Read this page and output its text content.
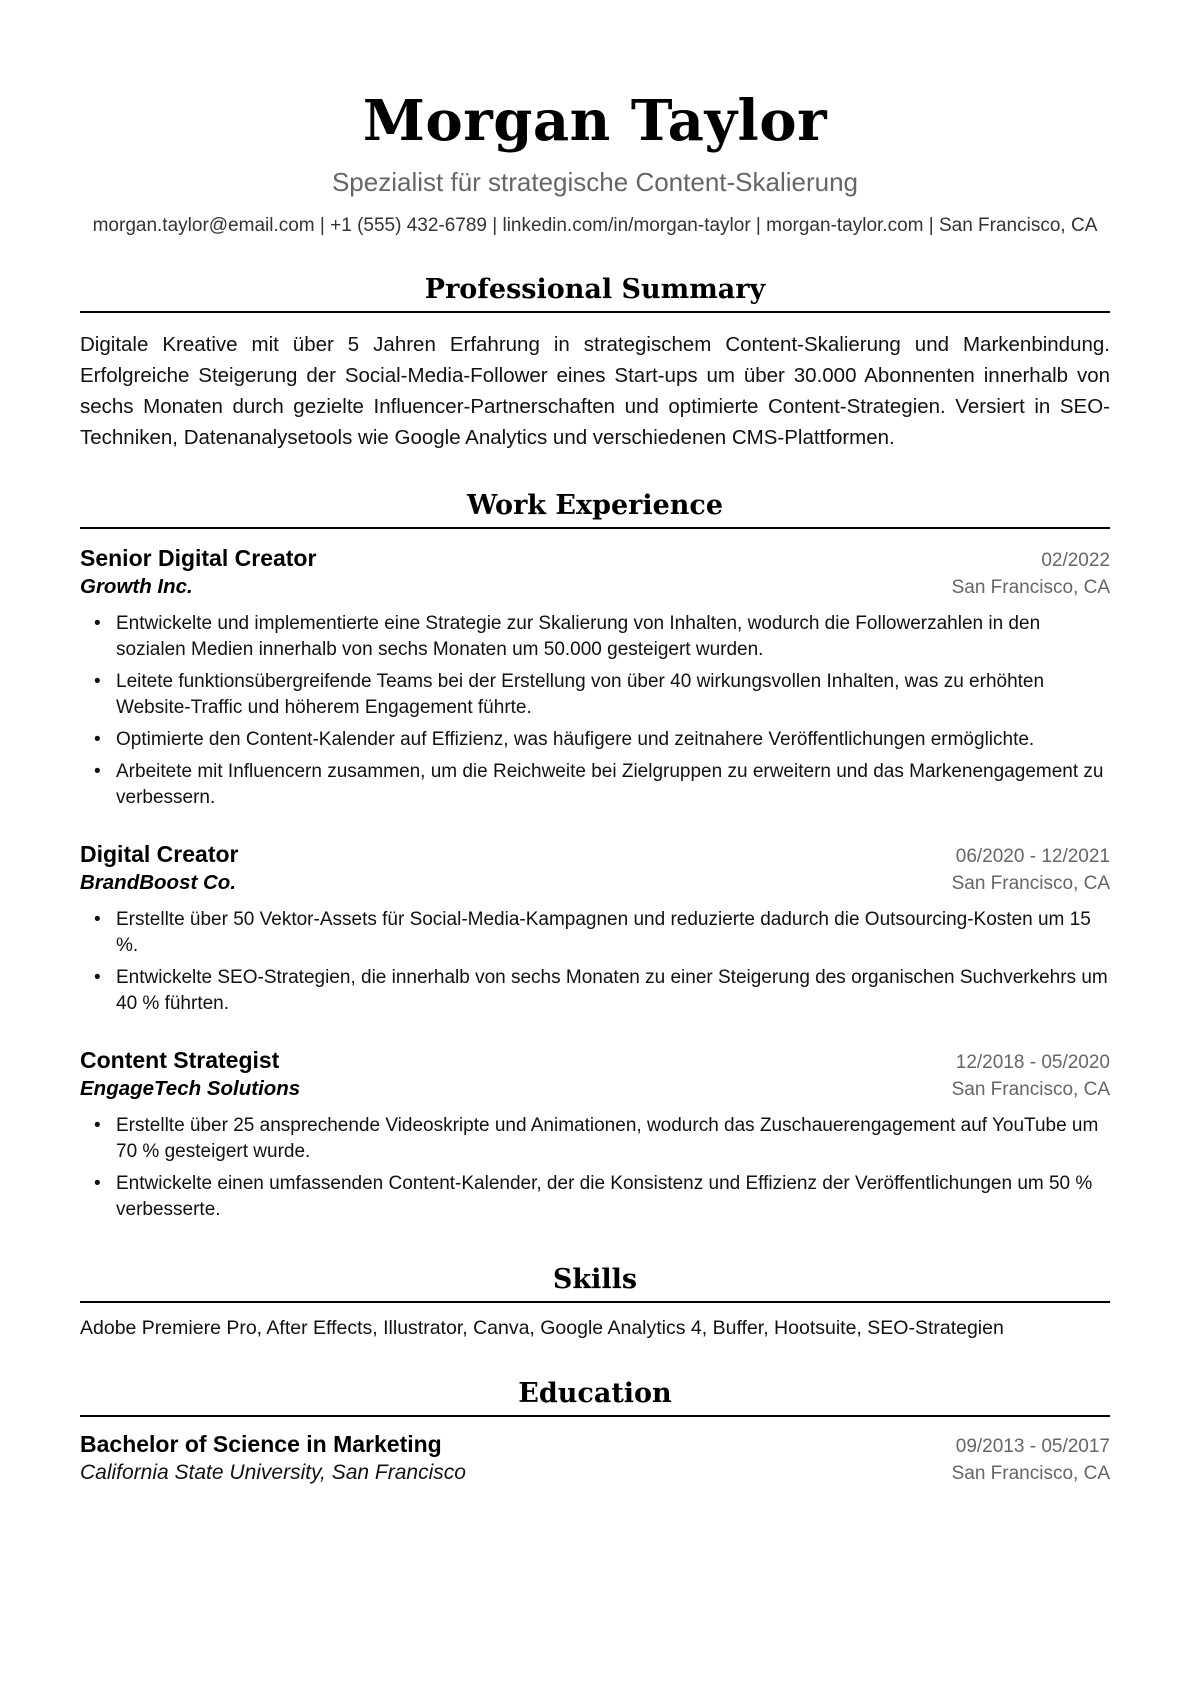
Morgan Taylor
Spezialist für strategische Content-Skalierung
morgan.taylor@email.com | +1 (555) 432-6789 | linkedin.com/in/morgan-taylor | morgan-taylor.com | San Francisco, CA
Professional Summary

Digitale Kreative mit über 5 Jahren Erfahrung in strategischem Content-Skalierung und Markenbindung. Erfolgreiche Steigerung der Social-Media-Follower eines Start-ups um über 30.000 Abonnenten innerhalb von sechs Monaten durch gezielte Influencer-Partnerschaften und optimierte Content-Strategien. Versiert in SEO-Techniken, Datenanalysetools wie Google Analytics und verschiedenen CMS-Plattformen.

Work Experience
Senior Digital Creator	02/2022
Growth Inc.	San Francisco, CA
• Entwickelte und implementierte eine Strategie zur Skalierung von Inhalten, wodurch die Followerzahlen in den sozialen Medien innerhalb von sechs Monaten um 50.000 gesteigert wurden.
• Leitete funktionsübergreifende Teams bei der Erstellung von über 40 wirkungsvollen Inhalten, was zu erhöhten Website-Traffic und höherem Engagement führte.
• Optimierte den Content-Kalender auf Effizienz, was häufigere und zeitnahere Veröffentlichungen ermöglichte.
• Arbeitete mit Influencern zusammen, um die Reichweite bei Zielgruppen zu erweitern und das Markenengagement zu verbessern.
Digital Creator	06/2020 - 12/2021
BrandBoost Co.	San Francisco, CA
• Erstellte über 50 Vektor-Assets für Social-Media-Kampagnen und reduzierte dadurch die Outsourcing-Kosten um 15 %.
• Entwickelte SEO-Strategien, die innerhalb von sechs Monaten zu einer Steigerung des organischen Suchverkehrs um 40 % führten.
Content Strategist	12/2018 - 05/2020
EngageTech Solutions	San Francisco, CA
• Erstellte über 25 ansprechende Videoskripte und Animationen, wodurch das Zuschauerengagement auf YouTube um 70 % gesteigert wurde.
• Entwickelte einen umfassenden Content-Kalender, der die Konsistenz und Effizienz der Veröffentlichungen um 50 % verbesserte.
Skills
Adobe Premiere Pro, After Effects, Illustrator, Canva, Google Analytics 4, Buffer, Hootsuite, SEO-Strategien
Education
Bachelor of Science in Marketing	09/2013 - 05/2017
California State University, San Francisco	San Francisco, CA
